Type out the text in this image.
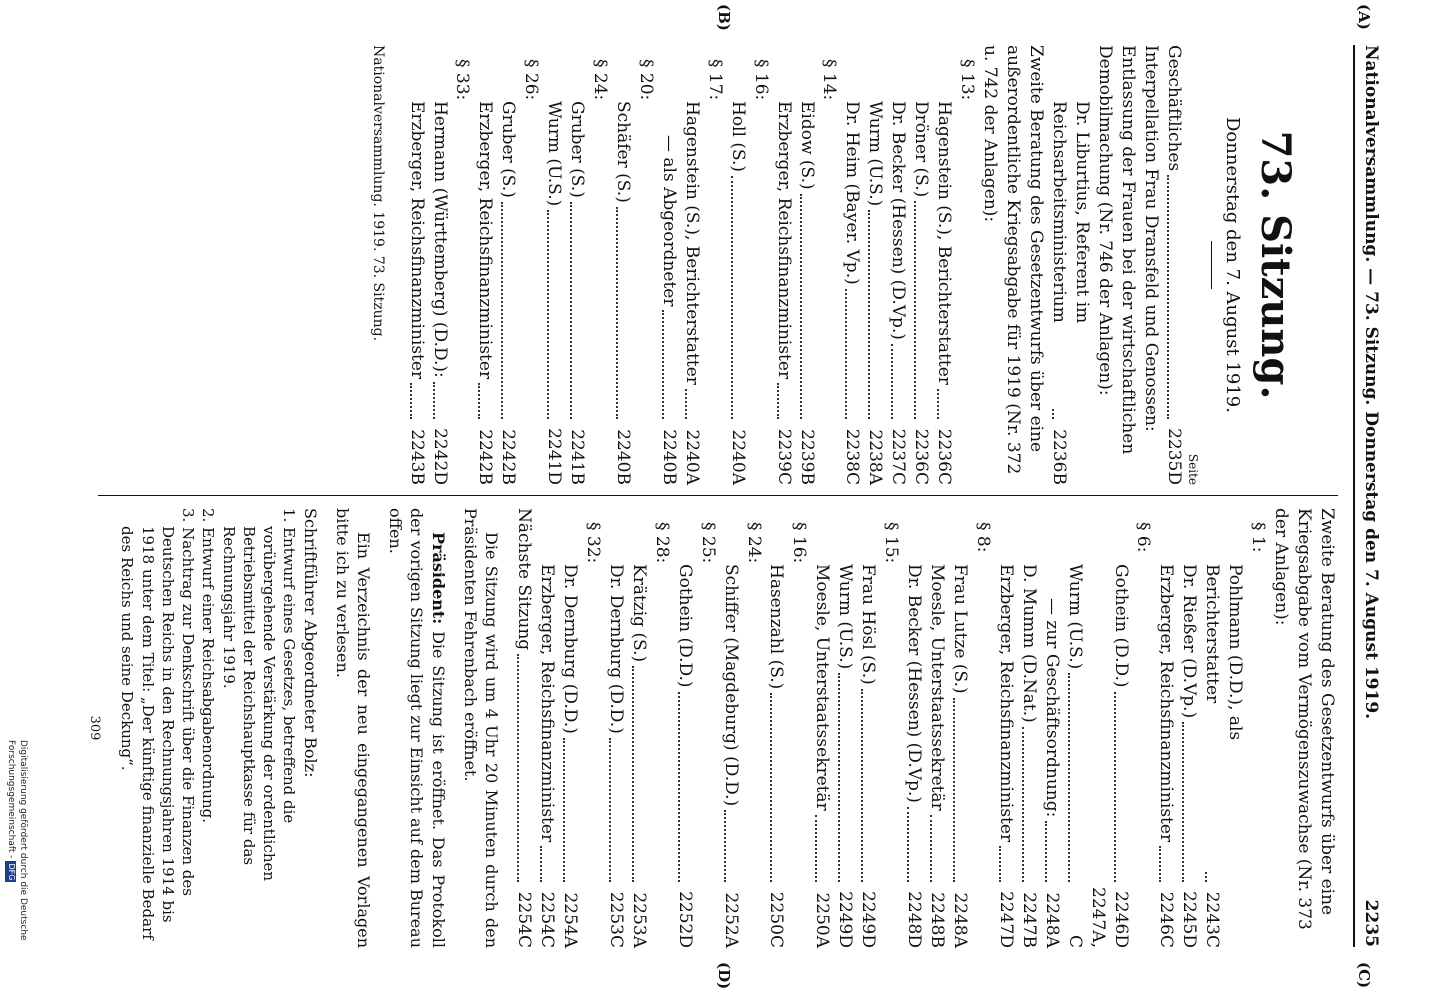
Nationalversammlung. — 73. Sitzung. Donnerstag den 7. August 1919.
2235
(A)
(B)
(C)
(D)
73. Sitzung.
Donnerstag den 7. August 1919.
Seite
Geschäftliches
2235D
Interpellation Frau Dransfeld und Genossen: Entlassung der Frauen bei der wirtschaftlichen Demobilmachung (Nr. 746 der Anlagen):
Dr. Liburtius, Referent im Reichsarbeitsministerium
2236B
Zweite Beratung des Gesetzentwurfs über eine außerordentliche Kriegsabgabe für 1919 (Nr. 372 u. 742 der Anlagen):
§ 13:
Hagenstein (S.), Berichterstatter
2236C
Dröner (S.)
2236C
Dr. Becker (Hessen) (D.Vp.)
2237C
Wurm (U.S.)
2238A
Dr. Heim (Bayer. Vp.)
2238C
§ 14:
Eidow (S.)
2239B
Erzberger, Reichsfinanzminister
2239C
§ 16:
Holl (S.)
2240A
§ 17:
Hagenstein (S.), Berichterstatter
2240A
— als Abgeordneter
2240B
§ 20:
Schäfer (S.)
2240B
§ 24:
Gruber (S.)
2241B
Wurm (U.S.)
2241D
§ 26:
Gruber (S.)
2242B
Erzberger, Reichsfinanzminister
2242B
§ 33:
Hermann (Württemberg) (D.D.):
2242D
Erzberger, Reichsfinanzminister
2243B
Nationalversammlung. 1919. 73. Sitzung.
Zweite Beratung des Gesetzentwurfs über eine Kriegsabgabe vom Vermögenszuwachse (Nr. 373 der Anlagen):
§ 1:
Pohlmann (D.D.), als Berichterstatter
2243C
Dr. Rießer (D.Vp.)
2245D
Erzberger, Reichsfinanzminister
2246C
§ 6:
Gothein (D.D.)
2246D
Wurm (U.S.)
2247A, C
— zur Geschäftsordnung:
2248A
D. Mumm (D.Nat.)
2247B
Erzberger, Reichsfinanzminister
2247D
§ 8:
Frau Lutze (S.)
2248A
Moesle, Unterstaatssekretär
2248B
Dr. Becker (Hessen) (D.Vp.)
2248D
§ 15:
Frau Hösl (S.)
2249D
Wurm (U.S.)
2249D
Moesle, Unterstaatssekretär
2250A
§ 16:
Hasenzahl (S.)
2250C
§ 24:
Schiffer (Magdeburg) (D.D.)
2252A
§ 25:
Gothein (D.D.)
2252D
§ 28:
Krätzig (S.)
2253A
Dr. Dernburg (D.D.)
2253C
§ 32:
Dr. Dernburg (D.D.)
2254A
Erzberger, Reichsfinanzminister
2254C
Nächste Sitzung
2254C
Die Sitzung wird um 4 Uhr 20 Minuten durch den Präsidenten Fehrenbach eröffnet.
Präsident: Die Sitzung ist eröffnet. Das Protokoll der vorigen Sitzung liegt zur Einsicht auf dem Bureau offen.
Ein Verzeichnis der neu eingegangenen Vorlagen bitte ich zu verlesen.
Schriftführer Abgeordneter Bolz:
1. Entwurf eines Gesetzes, betreffend die vorübergehende Verstärkung der ordentlichen Betriebsmittel der Reichshauptkasse für das Rechnungsjahr 1919.
2. Entwurf einer Reichsabgabenordnung.
3. Nachtrag zur Denkschrift über die Finanzen des Deutschen Reichs in den Rechnungsjahren 1914 bis 1918 unter dem Titel: „Der künftige finanzielle Bedarf des Reichs und seine Deckung“.
309
Digitalisierung gefördert durch die Deutsche Forschungsgemeinschaft -DFG
